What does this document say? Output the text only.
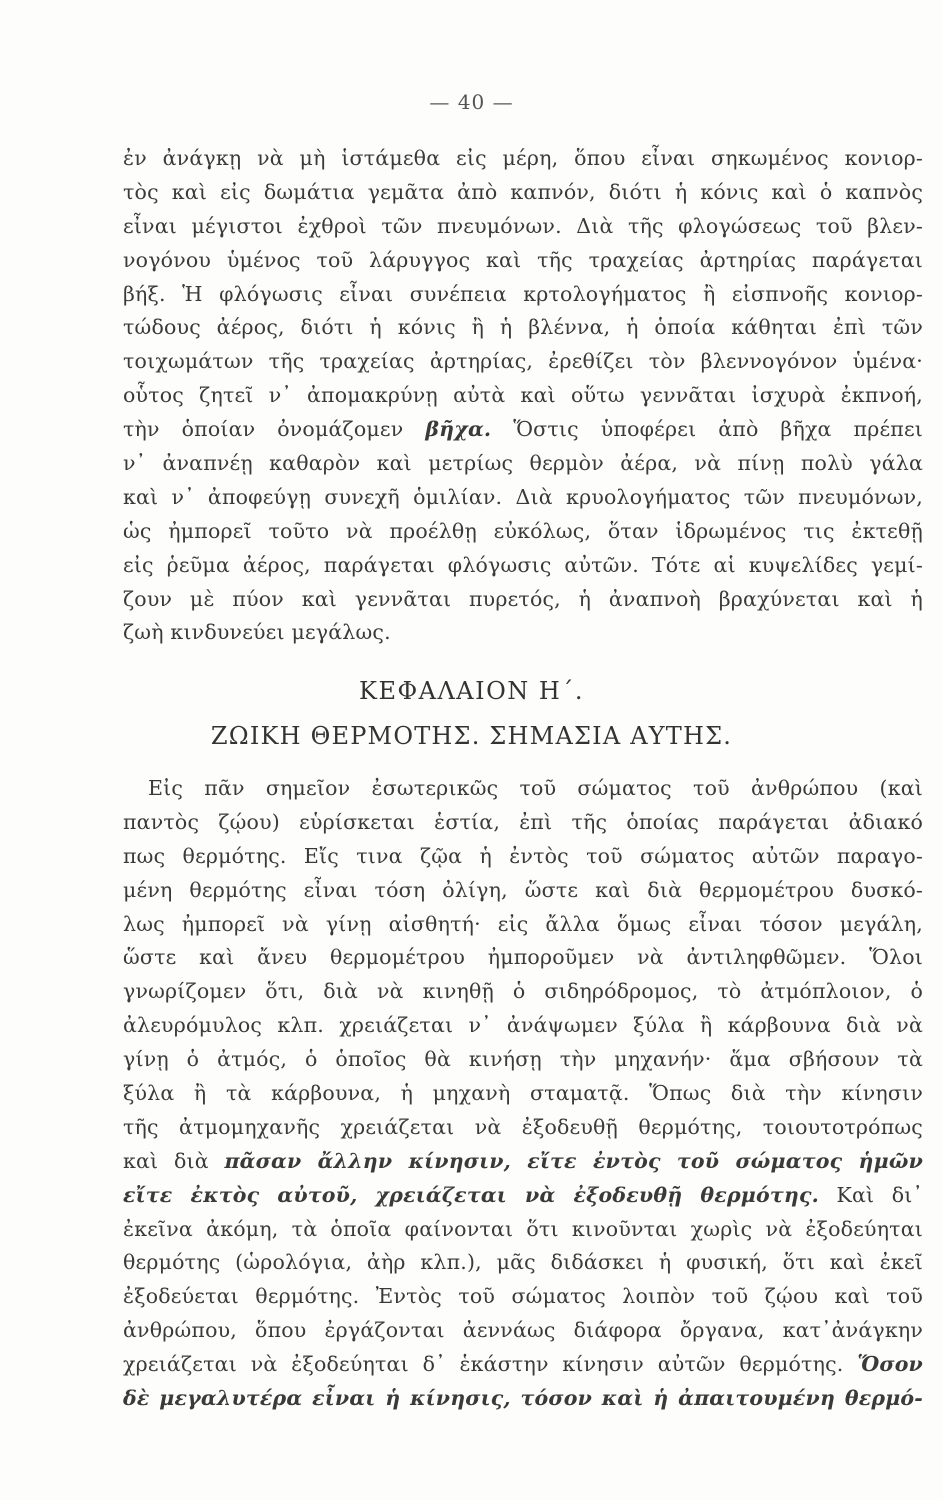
— 40 —
ἐν ἀνάγκῃ νὰ μὴ ἱστάμεθα εἰς μέρη, ὅπου εἶναι σηκωμένος κονιορ-
τὸς καὶ εἰς δωμάτια γεμᾶτα ἀπὸ καπνόν, διότι ἡ κόνις καὶ ὁ καπνὸς
εἶναι μέγιστοι ἐχθροὶ τῶν πνευμόνων. Διὰ τῆς φλογώσεως τοῦ βλεν-
νογόνου ὑμένος τοῦ λάρυγγος καὶ τῆς τραχείας ἀρτηρίας παράγεται
βήξ. Ἡ φλόγωσις εἶναι συνέπεια κρτολογήματος ἢ εἰσπνοῆς κονιορ-
τώδους ἀέρος, διότι ἡ κόνις ἢ ἡ βλέννα, ἡ ὁποία κάθηται ἐπὶ τῶν
τοιχωμάτων τῆς τραχείας ἀρτηρίας, ἐρεθίζει τὸν βλεννογόνον ὑμένα·
οὗτος ζητεῖ ν᾽ ἀπομακρύνῃ αὐτὰ καὶ οὕτω γεννᾶται ἰσχυρὰ ἐκπνοή,
τὴν ὁποίαν ὀνομάζομεν βῆχα. Ὅστις ὑποφέρει ἀπὸ βῆχα πρέπει
ν᾽ ἀναπνέῃ καθαρὸν καὶ μετρίως θερμὸν ἀέρα, νὰ πίνῃ πολὺ γάλα
καὶ ν᾽ ἀποφεύγῃ συνεχῆ ὁμιλίαν. Διὰ κρυολογήματος τῶν πνευμόνων,
ὡς ἠμπορεῖ τοῦτο νὰ προέλθῃ εὐκόλως, ὅταν ἱδρωμένος τις ἐκτεθῇ
εἰς ῥεῦμα ἀέρος, παράγεται φλόγωσις αὐτῶν. Τότε αἱ κυψελίδες γεμί-
ζουν μὲ πύον καὶ γεννᾶται πυρετός, ἡ ἀναπνοὴ βραχύνεται καὶ ἡ
ζωὴ κινδυνεύει μεγάλως.
ΚΕΦΑΛΑΙΟΝ Η΄.
ΖΩΙΚΗ ΘΕΡΜΟΤΗΣ. ΣΗΜΑΣΙΑ ΑΥΤΗΣ.
Εἰς πᾶν σημεῖον ἐσωτερικῶς τοῦ σώματος τοῦ ἀνθρώπου (καὶ
παντὸς ζῴου) εὑρίσκεται ἑστία, ἐπὶ τῆς ὁποίας παράγεται ἀδιακό
πως θερμότης. Εἴς τινα ζῷα ἡ ἐντὸς τοῦ σώματος αὐτῶν παραγο-
μένη θερμότης εἶναι τόση ὀλίγη, ὥστε καὶ διὰ θερμομέτρου δυσκό-
λως ἠμπορεῖ νὰ γίνῃ αἰσθητή· εἰς ἄλλα ὅμως εἶναι τόσον μεγάλη,
ὥστε καὶ ἄνευ θερμομέτρου ἠμποροῦμεν νὰ ἀντιληφθῶμεν. Ὅλοι
γνωρίζομεν ὅτι, διὰ νὰ κινηθῇ ὁ σιδηρόδρομος, τὸ ἀτμόπλοιον, ὁ
ἀλευρόμυλος κλπ. χρειάζεται ν᾽ ἀνάψωμεν ξύλα ἢ κάρβουνα διὰ νὰ
γίνῃ ὁ ἀτμός, ὁ ὁποῖος θὰ κινήσῃ τὴν μηχανήν· ἅμα σβήσουν τὰ
ξύλα ἢ τὰ κάρβουνα, ἡ μηχανὴ σταματᾷ. Ὅπως διὰ τὴν κίνησιν
τῆς ἀτμομηχανῆς χρειάζεται νὰ ἐξοδευθῇ θερμότης, τοιουτοτρόπως
καὶ διὰ πᾶσαν ἄλλην κίνησιν, εἴτε ἐντὸς τοῦ σώματος ἡμῶν
εἴτε ἐκτὸς αὐτοῦ, χρειάζεται νὰ ἐξοδευθῇ θερμότης. Καὶ δι᾽
ἐκεῖνα ἀκόμη, τὰ ὁποῖα φαίνονται ὅτι κινοῦνται χωρὶς νὰ ἐξοδεύηται
θερμότης (ὡρολόγια, ἀὴρ κλπ.), μᾶς διδάσκει ἡ φυσική, ὅτι καὶ ἐκεῖ
ἐξοδεύεται θερμότης. Ἐντὸς τοῦ σώματος λοιπὸν τοῦ ζῴου καὶ τοῦ
ἀνθρώπου, ὅπου ἐργάζονται ἀεννάως διάφορα ὄργανα, κατ᾽ἀνάγκην
χρειάζεται νὰ ἐξοδεύηται δ᾽ ἑκάστην κίνησιν αὐτῶν θερμότης. Ὅσον
δὲ μεγαλυτέρα εἶναι ἡ κίνησις, τόσον καὶ ἡ ἀπαιτουμένη θερμό-
